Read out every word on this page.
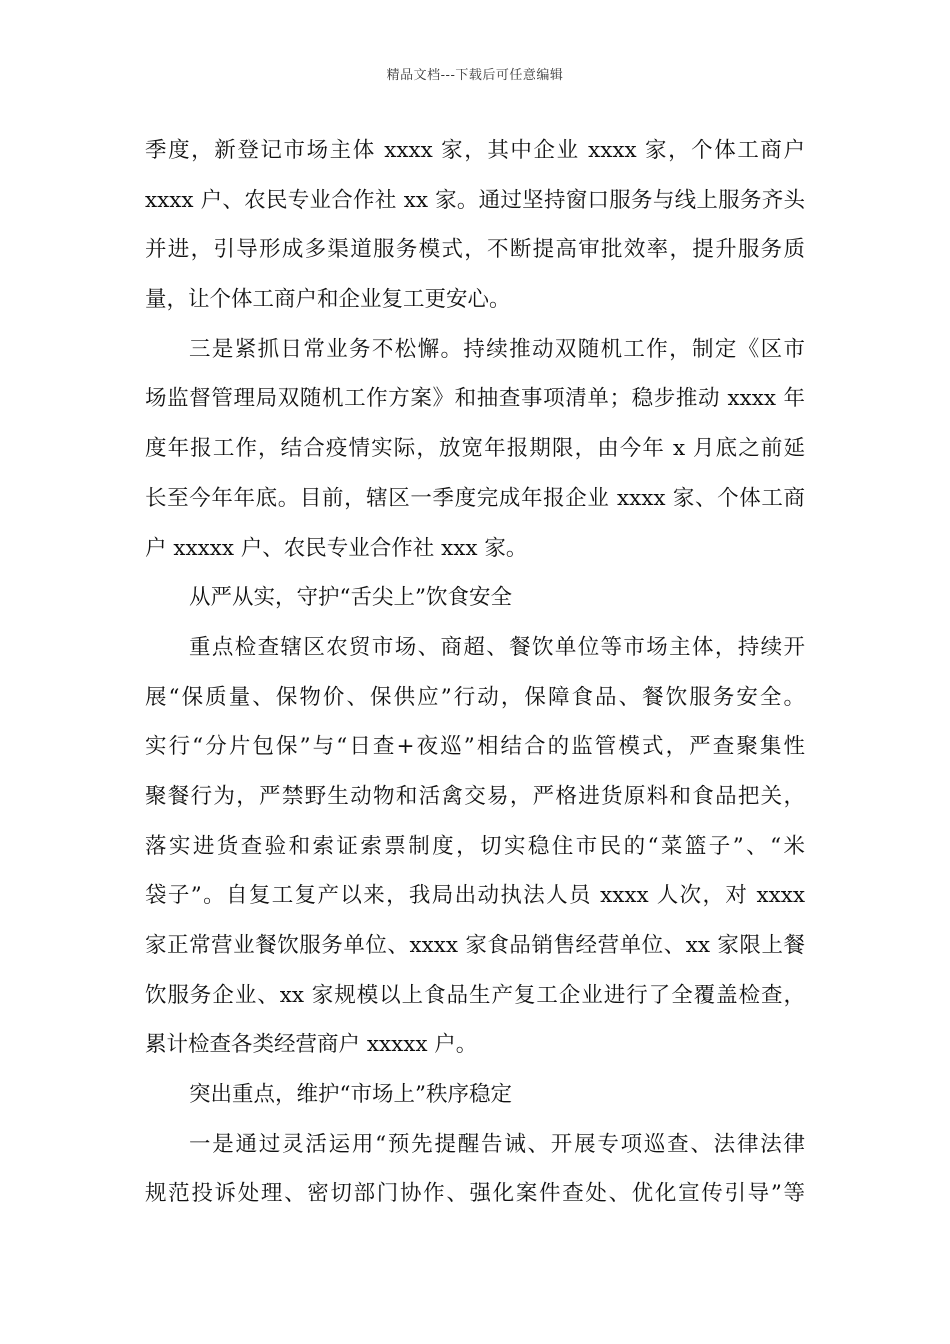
精品文档---下载后可任意编辑
季度，新登记市场主体 xxxx 家，其中企业 xxxx 家，个体工商户
xxxx 户、农民专业合作社 xx 家。通过坚持窗口服务与线上服务齐头
并进，引导形成多渠道服务模式，不断提高审批效率，提升服务质
量，让个体工商户和企业复工更安心。
三是紧抓日常业务不松懈。持续推动双随机工作，制定《区市
场监督管理局双随机工作方案》和抽查事项清单；稳步推动 xxxx 年
度年报工作，结合疫情实际，放宽年报期限，由今年 x 月底之前延
长至今年年底。目前，辖区一季度完成年报企业 xxxx 家、个体工商
户 xxxxx 户、农民专业合作社 xxx 家。
从严从实，守护“舌尖上”饮食安全
重点检查辖区农贸市场、商超、餐饮单位等市场主体，持续开
展“保质量、保物价、保供应”行动，保障食品、餐饮服务安全。
实行“分片包保”与“日查+夜巡”相结合的监管模式，严查聚集性
聚餐行为，严禁野生动物和活禽交易，严格进货原料和食品把关，
落实进货查验和索证索票制度，切实稳住市民的“菜篮子”、“米
袋子”。自复工复产以来，我局出动执法人员 xxxx 人次，对 xxxx
家正常营业餐饮服务单位、xxxx 家食品销售经营单位、xx 家限上餐
饮服务企业、xx 家规模以上食品生产复工企业进行了全覆盖检查，
累计检查各类经营商户 xxxxx 户。
突出重点，维护“市场上”秩序稳定
一是通过灵活运用“预先提醒告诫、开展专项巡查、法律法律
规范投诉处理、密切部门协作、强化案件查处、优化宣传引导”等
